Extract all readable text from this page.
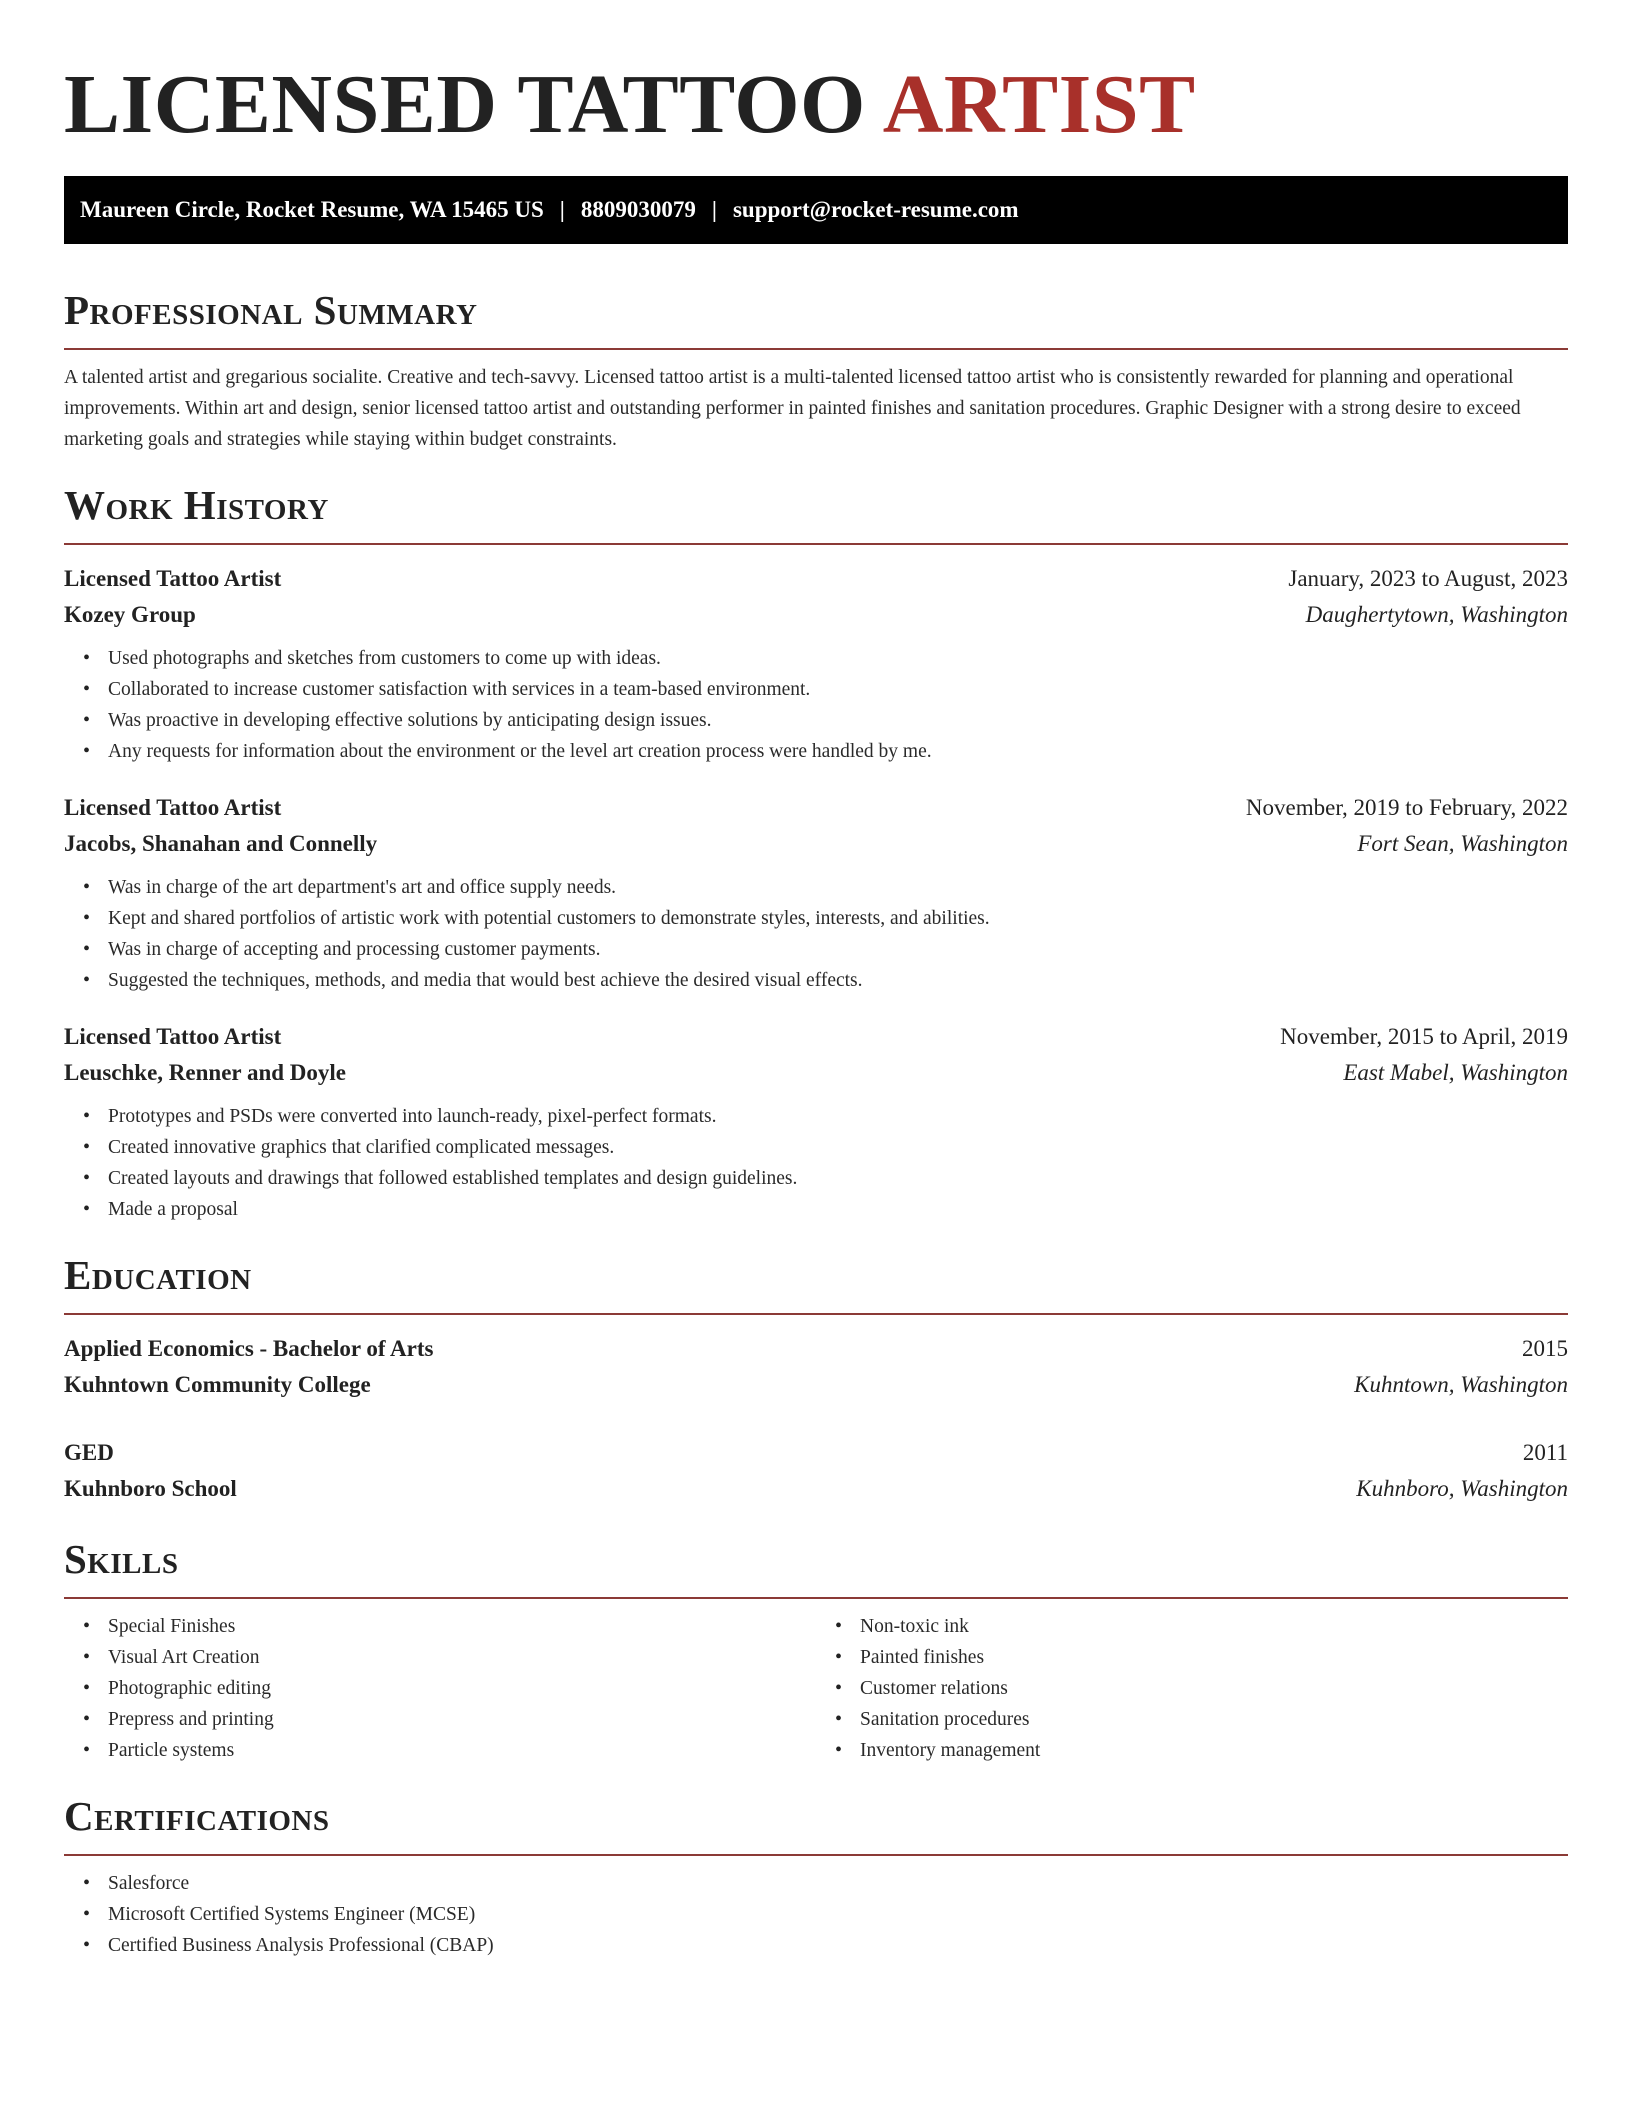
LICENSED TATTOO ARTIST
Maureen Circle, Rocket Resume, WA 15465 US | 8809030079 | support@rocket-resume.com
Professional Summary

A talented artist and gregarious socialite. Creative and tech-savvy. Licensed tattoo artist is a multi-talented licensed tattoo artist who is consistently rewarded for planning and operational improvements. Within art and design, senior licensed tattoo artist and outstanding performer in painted finishes and sanitation procedures. Graphic Designer with a strong desire to exceed marketing goals and strategies while staying within budget constraints.

Work History
Licensed Tattoo Artist	January, 2023 to August, 2023
Kozey Group	Daughertytown, Washington
• Used photographs and sketches from customers to come up with ideas.
• Collaborated to increase customer satisfaction with services in a team-based environment.
• Was proactive in developing effective solutions by anticipating design issues.
• Any requests for information about the environment or the level art creation process were handled by me.
Licensed Tattoo Artist	November, 2019 to February, 2022
Jacobs, Shanahan and Connelly	Fort Sean, Washington
• Was in charge of the art department's art and office supply needs.
• Kept and shared portfolios of artistic work with potential customers to demonstrate styles, interests, and abilities.
• Was in charge of accepting and processing customer payments.
• Suggested the techniques, methods, and media that would best achieve the desired visual effects.
Licensed Tattoo Artist	November, 2015 to April, 2019
Leuschke, Renner and Doyle	East Mabel, Washington
• Prototypes and PSDs were converted into launch-ready, pixel-perfect formats.
• Created innovative graphics that clarified complicated messages.
• Created layouts and drawings that followed established templates and design guidelines.
• Made a proposal
Education
Applied Economics - Bachelor of Arts	2015
Kuhntown Community College	Kuhntown, Washington
GED	2011
Kuhnboro School	Kuhnboro, Washington
Skills
• Special Finishes
• Visual Art Creation
• Photographic editing
• Prepress and printing
• Particle systems
• Non-toxic ink
• Painted finishes
• Customer relations
• Sanitation procedures
• Inventory management
Certifications
• Salesforce
• Microsoft Certified Systems Engineer (MCSE)
• Certified Business Analysis Professional (CBAP)
